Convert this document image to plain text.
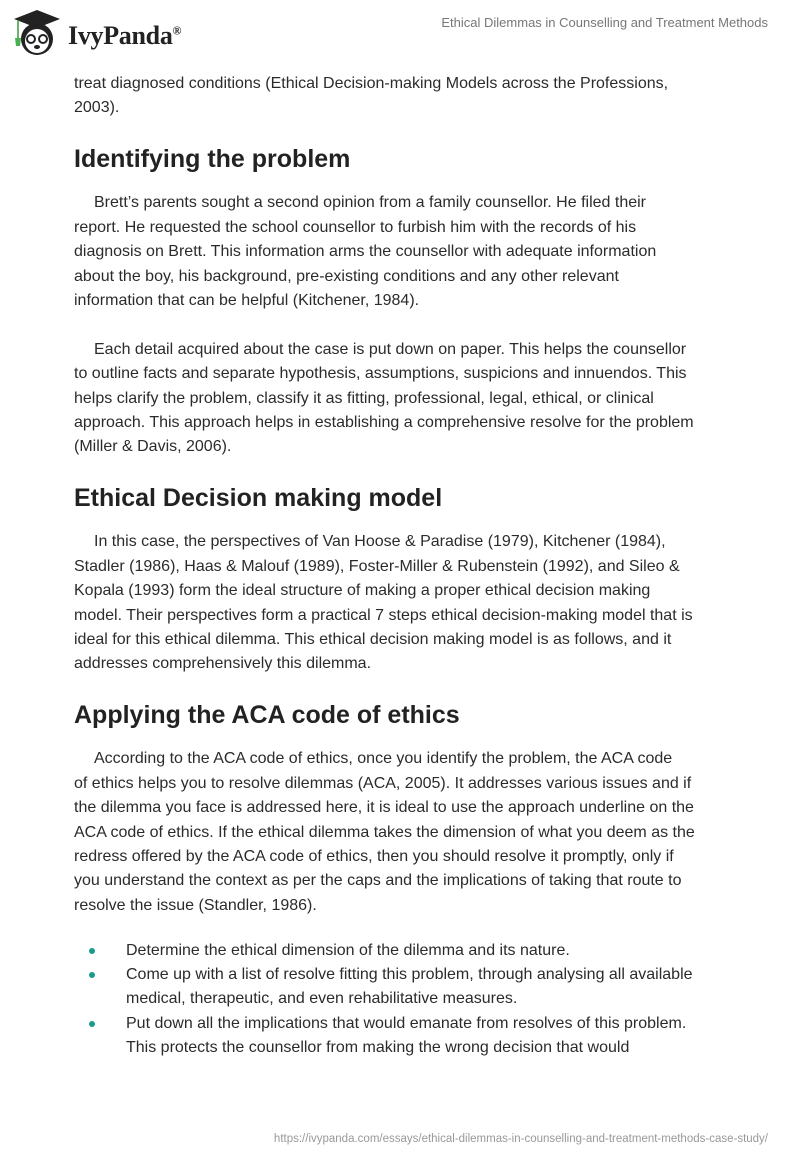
IvyPanda®
Ethical Dilemmas in Counselling and Treatment Methods
treat diagnosed conditions (Ethical Decision-making Models across the Professions,
2003).
Identifying the problem
Brett’s parents sought a second opinion from a family counsellor. He filed their
report. He requested the school counsellor to furbish him with the records of his
diagnosis on Brett. This information arms the counsellor with adequate information
about the boy, his background, pre-existing conditions and any other relevant
information that can be helpful (Kitchener, 1984).
Each detail acquired about the case is put down on paper. This helps the counsellor
to outline facts and separate hypothesis, assumptions, suspicions and innuendos. This
helps clarify the problem, classify it as fitting, professional, legal, ethical, or clinical
approach. This approach helps in establishing a comprehensive resolve for the problem
(Miller & Davis, 2006).
Ethical Decision making model
In this case, the perspectives of Van Hoose & Paradise (1979), Kitchener (1984),
Stadler (1986), Haas & Malouf (1989), Foster-Miller & Rubenstein (1992), and Sileo &
Kopala (1993) form the ideal structure of making a proper ethical decision making
model. Their perspectives form a practical 7 steps ethical decision-making model that is
ideal for this ethical dilemma. This ethical decision making model is as follows, and it
addresses comprehensively this dilemma.
Applying the ACA code of ethics
According to the ACA code of ethics, once you identify the problem, the ACA code
of ethics helps you to resolve dilemmas (ACA, 2005). It addresses various issues and if
the dilemma you face is addressed here, it is ideal to use the approach underline on the
ACA code of ethics. If the ethical dilemma takes the dimension of what you deem as the
redress offered by the ACA code of ethics, then you should resolve it promptly, only if
you understand the context as per the caps and the implications of taking that route to
resolve the issue (Standler, 1986).
Determine the ethical dimension of the dilemma and its nature.
Come up with a list of resolve fitting this problem, through analysing all available
medical, therapeutic, and even rehabilitative measures.
Put down all the implications that would emanate from resolves of this problem.
This protects the counsellor from making the wrong decision that would
https://ivypanda.com/essays/ethical-dilemmas-in-counselling-and-treatment-methods-case-study/
